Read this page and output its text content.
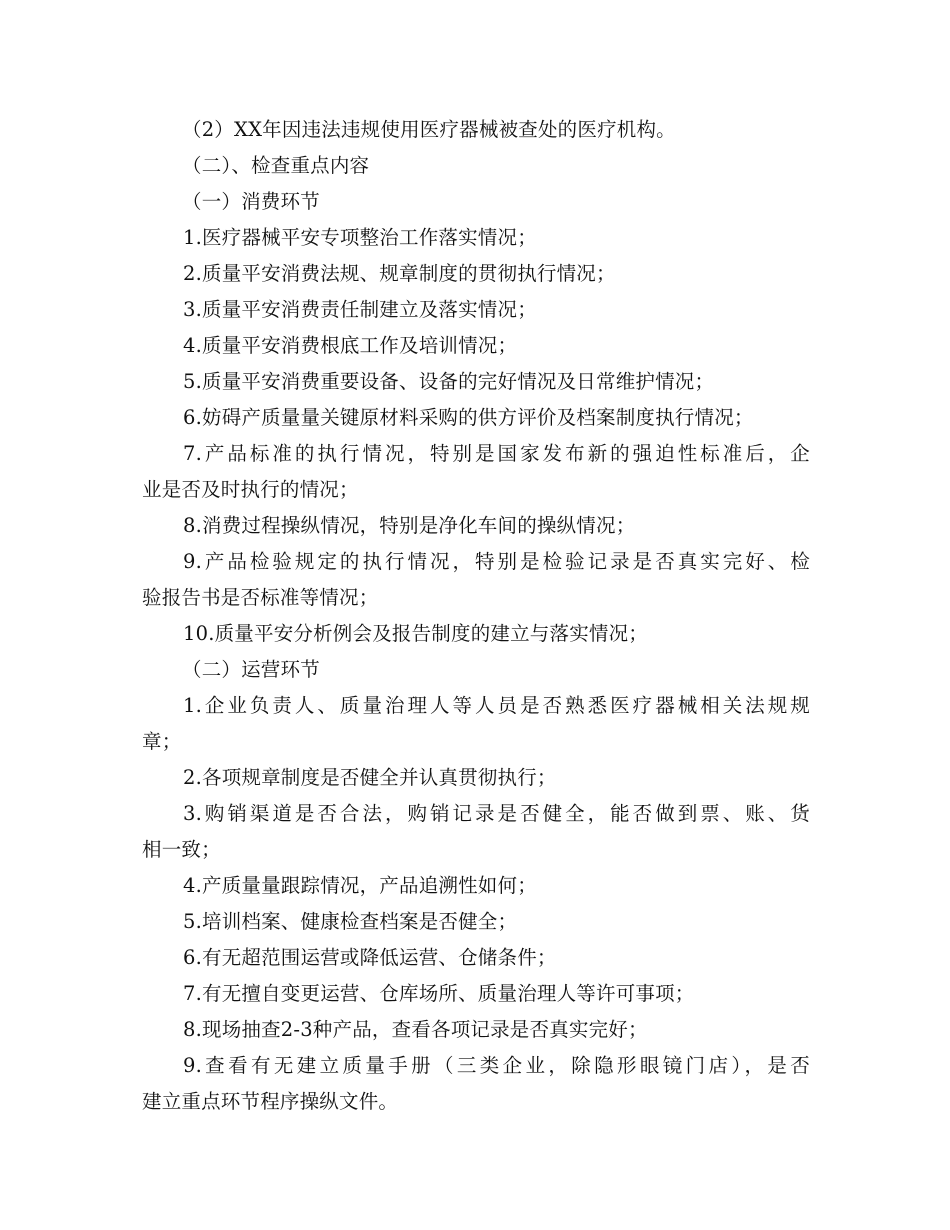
（2）XX年因违法违规使用医疗器械被查处的医疗机构。
（二）、检查重点内容
（一）消费环节
1.医疗器械平安专项整治工作落实情况；
2.质量平安消费法规、规章制度的贯彻执行情况；
3.质量平安消费责任制建立及落实情况；
4.质量平安消费根底工作及培训情况；
5.质量平安消费重要设备、设备的完好情况及日常维护情况；
6.妨碍产质量量关键原材料采购的供方评价及档案制度执行情况；
7.产品标准的执行情况，特别是国家发布新的强迫性标准后，企
业是否及时执行的情况；
8.消费过程操纵情况，特别是净化车间的操纵情况；
9.产品检验规定的执行情况，特别是检验记录是否真实完好、检
验报告书是否标准等情况；
10.质量平安分析例会及报告制度的建立与落实情况；
（二）运营环节
1.企业负责人、质量治理人等人员是否熟悉医疗器械相关法规规
章；
2.各项规章制度是否健全并认真贯彻执行；
3.购销渠道是否合法，购销记录是否健全，能否做到票、账、货
相一致；
4.产质量量跟踪情况，产品追溯性如何；
5.培训档案、健康检查档案是否健全；
6.有无超范围运营或降低运营、仓储条件；
7.有无擅自变更运营、仓库场所、质量治理人等许可事项；
8.现场抽查2-3种产品，查看各项记录是否真实完好；
9.查看有无建立质量手册（三类企业，除隐形眼镜门店），是否
建立重点环节程序操纵文件。
